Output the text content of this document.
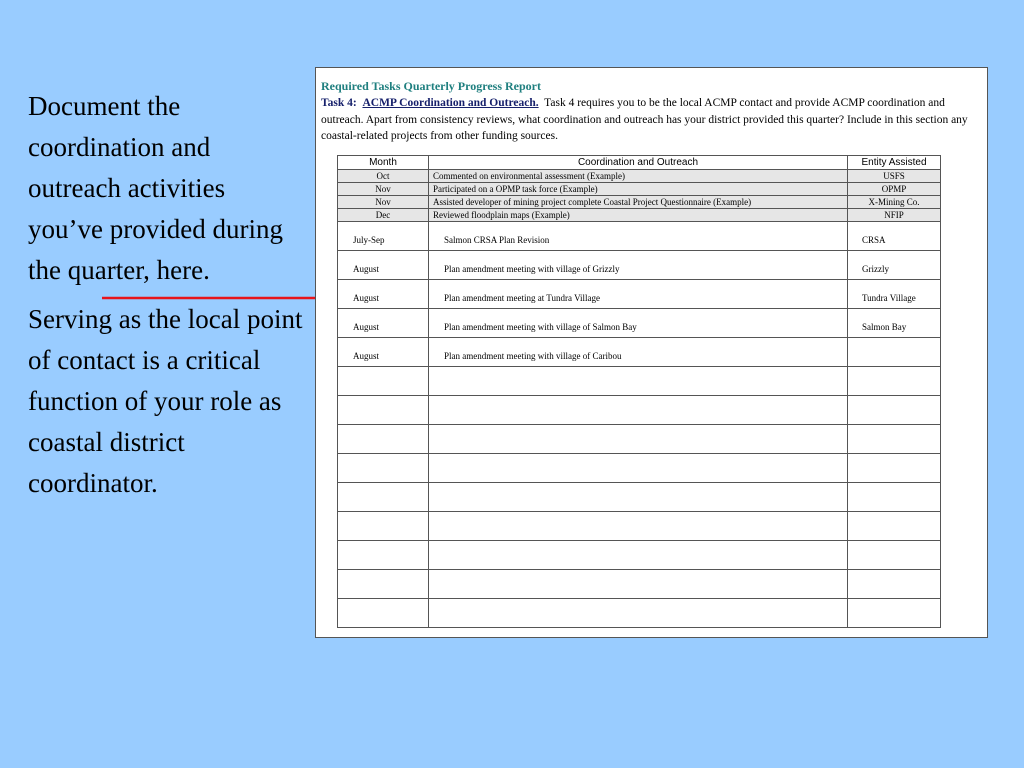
Document the coordination and outreach activities you’ve provided during the quarter, here.

Serving as the local point of contact is a critical function of your role as coastal district coordinator.

Required Tasks Quarterly Progress Report
Task 4: ACMP Coordination and Outreach. Task 4 requires you to be the local ACMP contact and provide ACMP coordination and outreach. Apart from consistency reviews, what coordination and outreach has your district provided this quarter? Include in this section any coastal-related projects from other funding sources.
Month	Coordination and Outreach	Entity Assisted
Oct	Commented on environmental assessment (Example)	USFS
Nov	Participated on a OPMP task force (Example)	OPMP
Nov	Assisted developer of mining project complete Coastal Project Questionnaire (Example)	X-Mining Co.
Dec	Reviewed floodplain maps (Example)	NFIP

July-Sep	Salmon CRSA Plan Revision	CRSA

August	Plan amendment meeting with village of Grizzly	Grizzly

August	Plan amendment meeting at Tundra Village	Tundra Village

August	Plan amendment meeting with village of Salmon Bay	Salmon Bay

August	Plan amendment meeting with village of Caribou	
